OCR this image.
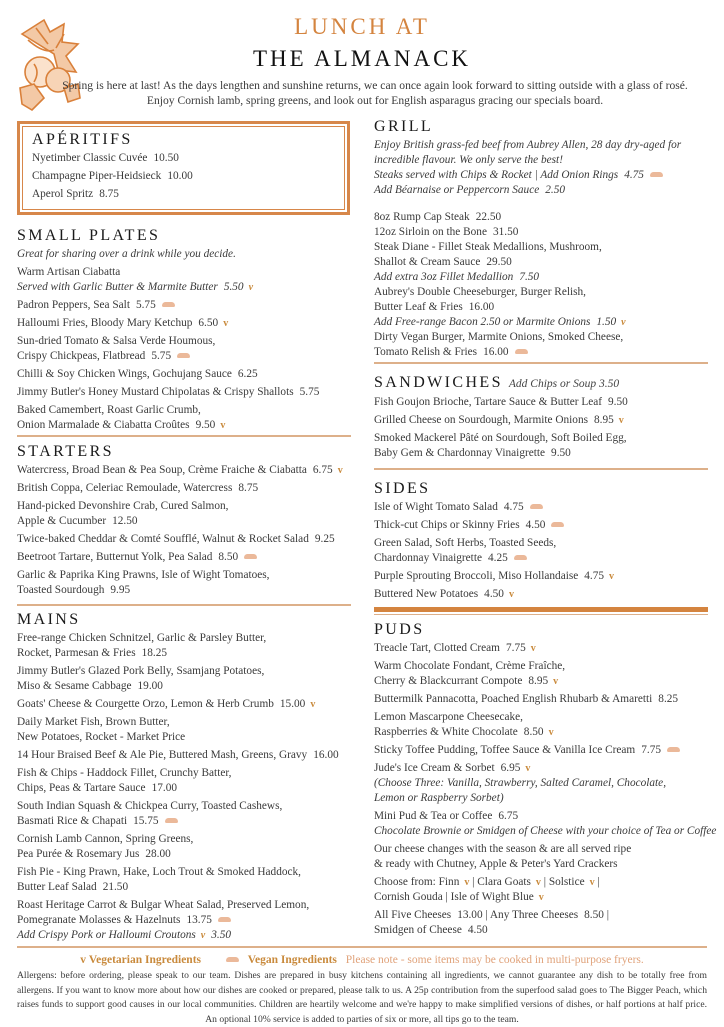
LUNCH AT
THE ALMANACK
Spring is here at last! As the days lengthen and sunshine returns, we can once again look forward to sitting outside with a glass of rosé. Enjoy Cornish lamb, spring greens, and look out for English asparagus gracing our specials board.
APÉRITIFS
Nyetimber Classic Cuvée 10.50
Champagne Piper-Heidsieck 10.00
Aperol Spritz 8.75
SMALL PLATES
Great for sharing over a drink while you decide.
Warm Artisan Ciabatta
Served with Garlic Butter & Marmite Butter 5.50 v
Padron Peppers, Sea Salt 5.75
Halloumi Fries, Bloody Mary Ketchup 6.50 v
Sun-dried Tomato & Salsa Verde Houmous,
Crispy Chickpeas, Flatbread 5.75
Chilli & Soy Chicken Wings, Gochujang Sauce 6.25
Jimmy Butler's Honey Mustard Chipolatas & Crispy Shallots 5.75
Baked Camembert, Roast Garlic Crumb,
Onion Marmalade & Ciabatta Croûtes 9.50 v
STARTERS
Watercress, Broad Bean & Pea Soup, Crème Fraiche & Ciabatta 6.75 v
British Coppa, Celeriac Remoulade, Watercress 8.75
Hand-picked Devonshire Crab, Cured Salmon,
Apple & Cucumber 12.50
Twice-baked Cheddar & Comté Soufflé, Walnut & Rocket Salad 9.25
Beetroot Tartare, Butternut Yolk, Pea Salad 8.50
Garlic & Paprika King Prawns, Isle of Wight Tomatoes,
Toasted Sourdough 9.95
MAINS
Free-range Chicken Schnitzel, Garlic & Parsley Butter,
Rocket, Parmesan & Fries 18.25
Jimmy Butler's Glazed Pork Belly, Ssamjang Potatoes,
Miso & Sesame Cabbage 19.00
Goats' Cheese & Courgette Orzo, Lemon & Herb Crumb 15.00 v
Daily Market Fish, Brown Butter,
New Potatoes, Rocket - Market Price
14 Hour Braised Beef & Ale Pie, Buttered Mash, Greens, Gravy 16.00
Fish & Chips - Haddock Fillet, Crunchy Batter,
Chips, Peas & Tartare Sauce 17.00
South Indian Squash & Chickpea Curry, Toasted Cashews,
Basmati Rice & Chapati 15.75
Cornish Lamb Cannon, Spring Greens,
Pea Purée & Rosemary Jus 28.00
Fish Pie - King Prawn, Hake, Loch Trout & Smoked Haddock,
Butter Leaf Salad 21.50
Roast Heritage Carrot & Bulgar Wheat Salad, Preserved Lemon,
Pomegranate Molasses & Hazelnuts 13.75
Add Crispy Pork or Halloumi Croutons v 3.50
GRILL
Enjoy British grass-fed beef from Aubrey Allen, 28 day dry-aged for
incredible flavour. We only serve the best!
Steaks served with Chips & Rocket | Add Onion Rings 4.75
Add Béarnaise or Peppercorn Sauce 2.50
8oz Rump Cap Steak 22.50
12oz Sirloin on the Bone 31.50
Steak Diane - Fillet Steak Medallions, Mushroom,
Shallot & Cream Sauce 29.50
Add extra 3oz Fillet Medallion 7.50
Aubrey's Double Cheeseburger, Burger Relish,
Butter Leaf & Fries 16.00
Add Free-range Bacon 2.50 or Marmite Onions 1.50 v
Dirty Vegan Burger, Marmite Onions, Smoked Cheese,
Tomato Relish & Fries 16.00
SANDWICHES Add Chips or Soup 3.50
Fish Goujon Brioche, Tartare Sauce & Butter Leaf 9.50
Grilled Cheese on Sourdough, Marmite Onions 8.95 v
Smoked Mackerel Pâté on Sourdough, Soft Boiled Egg,
Baby Gem & Chardonnay Vinaigrette 9.50
SIDES
Isle of Wight Tomato Salad 4.75
Thick-cut Chips or Skinny Fries 4.50
Green Salad, Soft Herbs, Toasted Seeds,
Chardonnay Vinaigrette 4.25
Purple Sprouting Broccoli, Miso Hollandaise 4.75 v
Buttered New Potatoes 4.50 v
PUDS
Treacle Tart, Clotted Cream 7.75 v
Warm Chocolate Fondant, Crème Fraîche,
Cherry & Blackcurrant Compote 8.95 v
Buttermilk Pannacotta, Poached English Rhubarb & Amaretti 8.25
Lemon Mascarpone Cheesecake,
Raspberries & White Chocolate 8.50 v
Sticky Toffee Pudding, Toffee Sauce & Vanilla Ice Cream 7.75
Jude's Ice Cream & Sorbet 6.95 v
(Choose Three: Vanilla, Strawberry, Salted Caramel, Chocolate,
Lemon or Raspberry Sorbet)
Mini Pud & Tea or Coffee 6.75
Chocolate Brownie or Smidgen of Cheese with your choice of Tea or Coffee
Our cheese changes with the season & are all served ripe
& ready with Chutney, Apple & Peter's Yard Crackers
Choose from: Finn v | Clara Goats v | Solstice v |
Cornish Gouda | Isle of Wight Blue v
All Five Cheeses 13.00 | Any Three Cheeses 8.50 |
Smidgen of Cheese 4.50
v Vegetarian Ingredients	Vegan Ingredients Please note - some items may be cooked in multi-purpose fryers.
Allergens: before ordering, please speak to our team. Dishes are prepared in busy kitchens containing all ingredients, we cannot guarantee any dish to be totally free from allergens. If you want to know more about how our dishes are cooked or prepared, please talk to us. A 25p contribution from the superfood salad goes to The Bigger Peach, which raises funds to support good causes in our local communities. Children are heartily welcome and we're happy to make simplified versions of dishes, or half portions at half price. An optional 10% service is added to parties of six or more, all tips go to the team.
